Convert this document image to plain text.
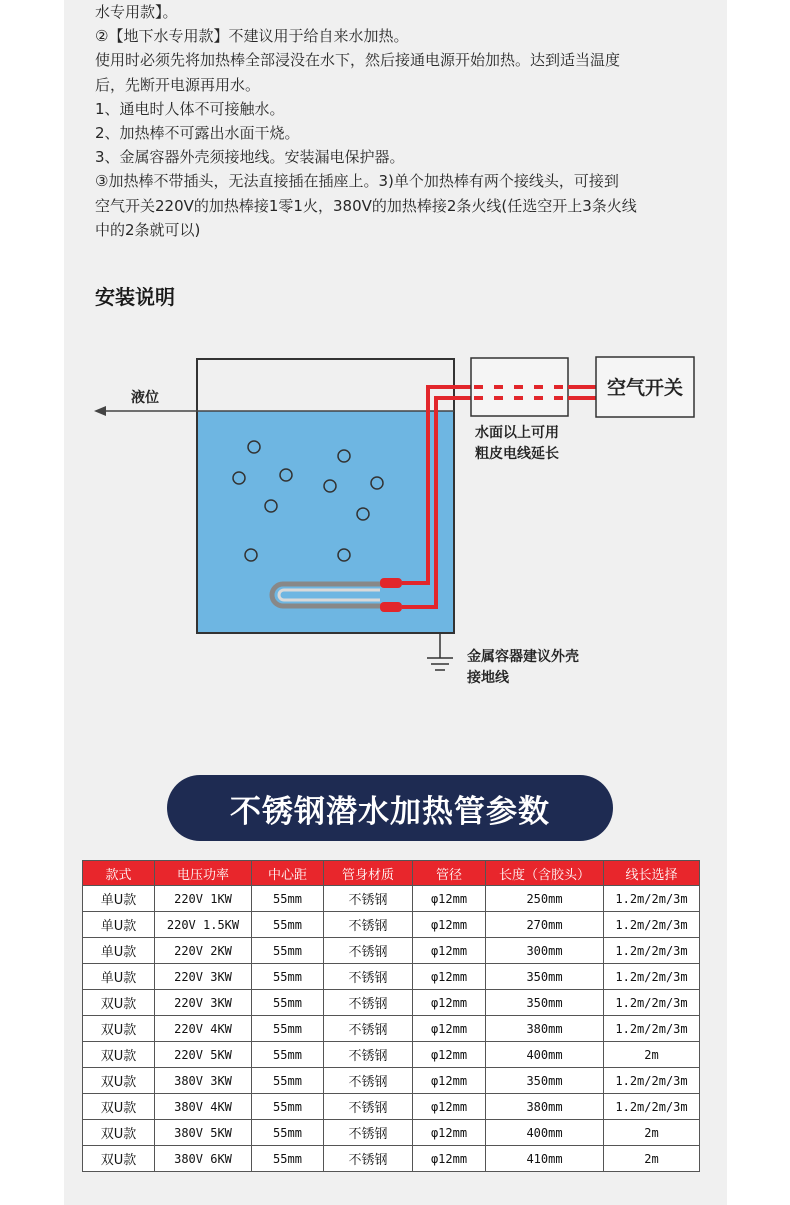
水专用款】。

②【地下水专用款】不建议用于给自来水加热。

使用时必须先将加热棒全部浸没在水下，然后接通电源开始加热。达到适当温度

后，先断开电源再用水。

1、通电时人体不可接触水。

2、加热棒不可露出水面干烧。

3、金属容器外壳须接地线。安装漏电保护器。

③加热棒不带插头，无法直接插在插座上。3)单个加热棒有两个接线头，可接到

空气开关220V的加热棒接1零1火，380V的加热棒接2条火线(任选空开上3条火线

中的2条就可以)

安装说明
液位	空气开关
水面以上可用
粗皮电线延长
金属容器建议外壳
接地线
不锈钢潜水加热管参数
款式	电压功率	中心距	管身材质	管径	长度（含胶头）	线长选择
单U款	220V 1KW	55mm	不锈钢	φ12mm	250mm	1.2m/2m/3m
单U款	220V 1.5KW	55mm	不锈钢	φ12mm	270mm	1.2m/2m/3m
单U款	220V 2KW	55mm	不锈钢	φ12mm	300mm	1.2m/2m/3m
单U款	220V 3KW	55mm	不锈钢	φ12mm	350mm	1.2m/2m/3m
双U款	220V 3KW	55mm	不锈钢	φ12mm	350mm	1.2m/2m/3m
双U款	220V 4KW	55mm	不锈钢	φ12mm	380mm	1.2m/2m/3m
双U款	220V 5KW	55mm	不锈钢	φ12mm	400mm	2m
双U款	380V 3KW	55mm	不锈钢	φ12mm	350mm	1.2m/2m/3m
双U款	380V 4KW	55mm	不锈钢	φ12mm	380mm	1.2m/2m/3m
双U款	380V 5KW	55mm	不锈钢	φ12mm	400mm	2m
双U款	380V 6KW	55mm	不锈钢	φ12mm	410mm	2m
